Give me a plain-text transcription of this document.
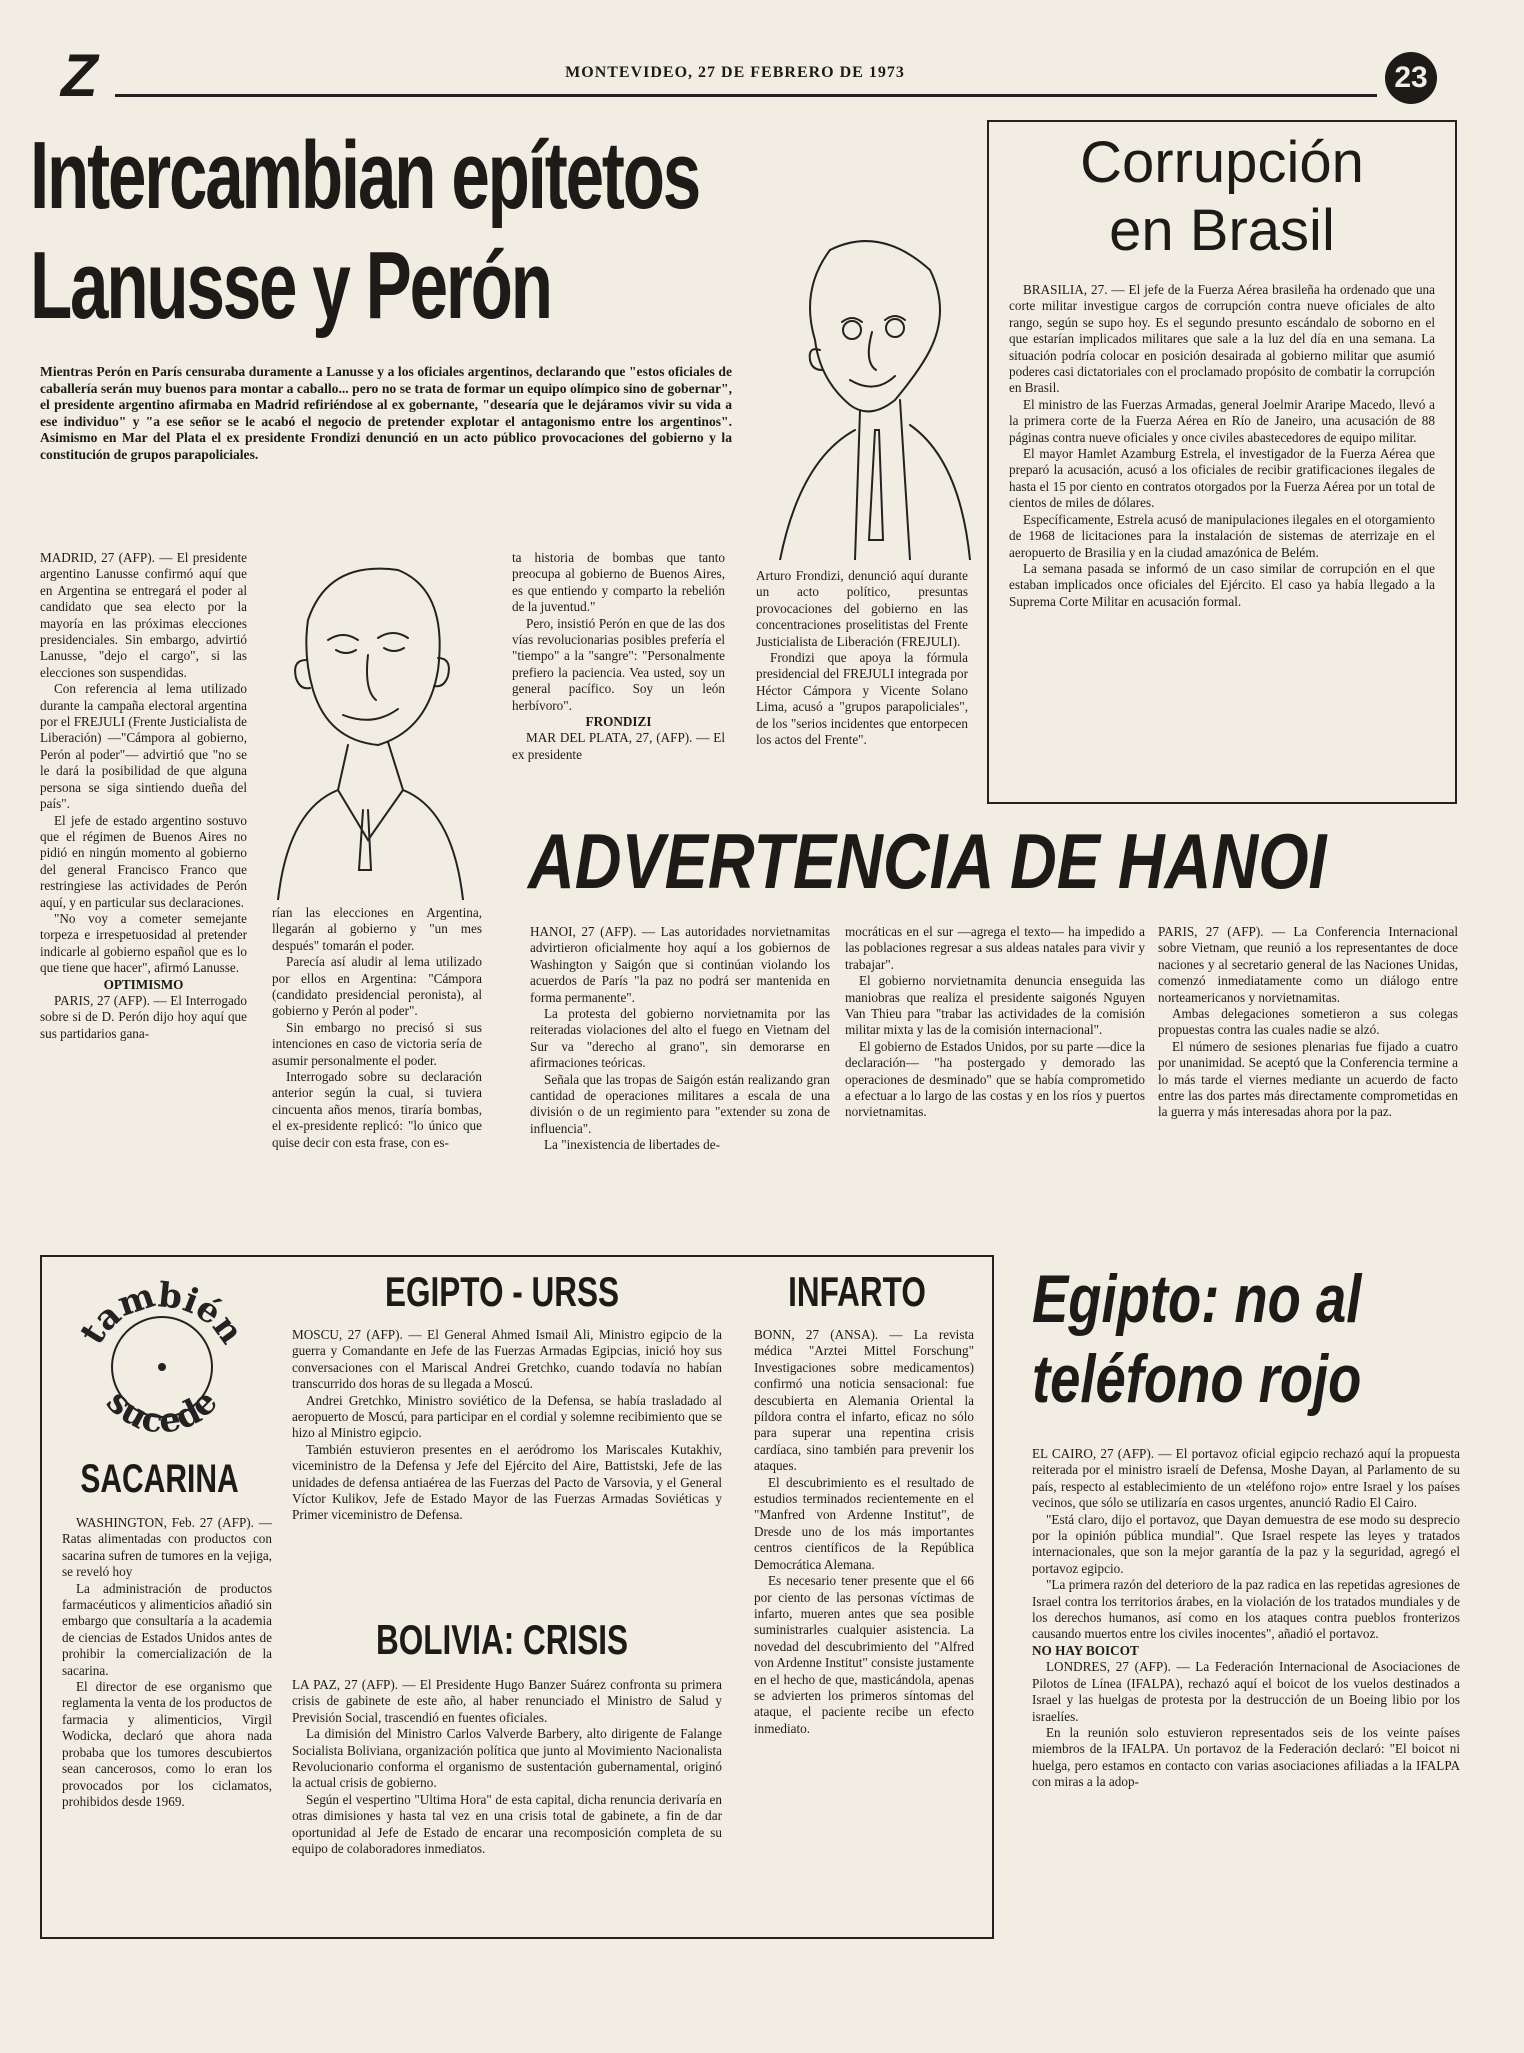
Z	MONTEVIDEO, 27 DE FEBRERO DE 1973	23
Intercambian epítetos
Lanusse y Perón
Mientras Perón en París censuraba duramente a Lanusse y a los oficiales argentinos, declarando que "estos oficiales de caballería serán muy buenos para montar a caballo... pero no se trata de formar un equipo olímpico sino de gobernar", el presidente argentino afirmaba en Madrid refiriéndose al ex gobernante, "desearía que le dejáramos vivir su vida a ese individuo" y "a ese señor se le acabó el negocio de pretender explotar el antagonismo entre los argentinos". Asimismo en Mar del Plata el ex presidente Frondizi denunció en un acto público provocaciones del gobierno y la constitución de grupos parapoliciales.

MADRID, 27 (AFP). — El presidente argentino Lanusse confirmó aquí que en Argentina se entregará el poder al candidato que sea electo por la mayoría en las próximas elecciones presidenciales. Sin embargo, advirtió Lanusse, "dejo el cargo", si las elecciones son suspendidas.

Con referencia al lema utilizado durante la campaña electoral argentina por el FREJULI (Frente Justicialista de Liberación) —"Cámpora al gobierno, Perón al poder"— advirtió que "no se le dará la posibilidad de que alguna persona se siga sintiendo dueña del país".

El jefe de estado argentino sostuvo que el régimen de Buenos Aires no pidió en ningún momento al gobierno del general Francisco Franco que restringiese las actividades de Perón aquí, y en particular sus declaraciones.

"No voy a cometer semejante torpeza e irrespetuosidad al pretender indicarle al gobierno español que es lo que tiene que hacer", afirmó Lanusse.

OPTIMISMO

PARIS, 27 (AFP). — El Interrogado sobre si de D. Perón dijo hoy aquí que sus partidarios gana-

rían las elecciones en Argentina, llegarán al gobierno y "un mes después" tomarán el poder.

Parecía así aludir al lema utilizado por ellos en Argentina: "Cámpora (candidato presidencial peronista), al gobierno y Perón al poder".

Sin embargo no precisó si sus intenciones en caso de victoria sería de asumir personalmente el poder.

Interrogado sobre su declaración anterior según la cual, si tuviera cincuenta años menos, tiraría bombas, el ex-presidente replicó: "lo único que quise decir con esta frase, con es-

ta historia de bombas que tanto preocupa al gobierno de Buenos Aires, es que entiendo y comparto la rebelión de la juventud."

Pero, insistió Perón en que de las dos vías revolucionarias posibles prefería el "tiempo" a la "sangre": "Personalmente prefiero la paciencia. Vea usted, soy un general pacífico. Soy un león herbívoro".

FRONDIZI

MAR DEL PLATA, 27, (AFP). — El ex presidente

Arturo Frondizi, denunció aquí durante un acto político, presuntas provocaciones del gobierno en las concentraciones proselitistas del Frente Justicialista de Liberación (FREJULI).

Frondizi que apoya la fórmula presidencial del FREJULI integrada por Héctor Cámpora y Vicente Solano Lima, acusó a "grupos parapoliciales", de los "serios incidentes que entorpecen los actos del Frente".

Corrupción
en Brasil

BRASILIA, 27. — El jefe de la Fuerza Aérea brasileña ha ordenado que una corte militar investigue cargos de corrupción contra nueve oficiales de alto rango, según se supo hoy. Es el segundo presunto escándalo de soborno en el que estarían implicados militares que sale a la luz del día en una semana. La situación podría colocar en posición desairada al gobierno militar que asumió poderes casi dictatoriales con el proclamado propósito de combatir la corrupción en Brasil.

El ministro de las Fuerzas Armadas, general Joelmir Araripe Macedo, llevó a la primera corte de la Fuerza Aérea en Río de Janeiro, una acusación de 88 páginas contra nueve oficiales y once civiles abastecedores de equipo militar.

El mayor Hamlet Azamburg Estrela, el investigador de la Fuerza Aérea que preparó la acusación, acusó a los oficiales de recibir gratificaciones ilegales de hasta el 15 por ciento en contratos otorgados por la Fuerza Aérea por un total de cientos de miles de dólares.

Específicamente, Estrela acusó de manipulaciones ilegales en el otorgamiento de 1968 de licitaciones para la instalación de sistemas de aterrizaje en el aeropuerto de Brasilia y en la ciudad amazónica de Belém.

La semana pasada se informó de un caso similar de corrupción en el que estaban implicados once oficiales del Ejército. El caso ya había llegado a la Suprema Corte Militar en acusación formal.

ADVERTENCIA DE HANOI

HANOI, 27 (AFP). — Las autoridades norvietnamitas advirtieron oficialmente hoy aquí a los gobiernos de Washington y Saigón que si continúan violando los acuerdos de París "la paz no podrá ser mantenida en forma permanente".

La protesta del gobierno norvietnamita por las reiteradas violaciones del alto el fuego en Vietnam del Sur va "derecho al grano", sin demorarse en afirmaciones teóricas.

Señala que las tropas de Saigón están realizando gran cantidad de operaciones militares a escala de una división o de un regimiento para "extender su zona de influencia".

La "inexistencia de libertades de-

mocráticas en el sur —agrega el texto— ha impedido a las poblaciones regresar a sus aldeas natales para vivir y trabajar".

El gobierno norvietnamita denuncia enseguida las maniobras que realiza el presidente saigonés Nguyen Van Thieu para "trabar las actividades de la comisión militar mixta y las de la comisión internacional".

El gobierno de Estados Unidos, por su parte —dice la declaración— "ha postergado y demorado las operaciones de desminado" que se había comprometido a efectuar a lo largo de las costas y en los ríos y puertos norvietnamitas.

PARIS, 27 (AFP). — La Conferencia Internacional sobre Vietnam, que reunió a los representantes de doce naciones y al secretario general de las Naciones Unidas, comenzó inmediatamente como un diálogo entre norteamericanos y norvietnamitas.

Ambas delegaciones sometieron a sus colegas propuestas contra las cuales nadie se alzó.

El número de sesiones plenarias fue fijado a cuatro por unanimidad. Se aceptó que la Conferencia termine a lo más tarde el viernes mediante un acuerdo de facto entre las dos partes más directamente comprometidas en la guerra y más interesadas ahora por la paz.

también
sucede
SACARINA

WASHINGTON, Feb. 27 (AFP). — Ratas alimentadas con productos con sacarina sufren de tumores en la vejiga, se reveló hoy

La administración de productos farmacéuticos y alimenticios añadió sin embargo que consultaría a la academia de ciencias de Estados Unidos antes de prohibir la comercialización de la sacarina.

El director de ese organismo que reglamenta la venta de los productos de farmacia y alimenticios, Virgil Wodicka, declaró que ahora nada probaba que los tumores descubiertos sean cancerosos, como lo eran los provocados por los ciclamatos, prohibidos desde 1969.

EGIPTO - URSS

MOSCU, 27 (AFP). — El General Ahmed Ismail Ali, Ministro egipcio de la guerra y Comandante en Jefe de las Fuerzas Armadas Egipcias, inició hoy sus conversaciones con el Mariscal Andrei Gretchko, cuando todavía no habían transcurrido dos horas de su llegada a Moscú.

Andrei Gretchko, Ministro soviético de la Defensa, se había trasladado al aeropuerto de Moscú, para participar en el cordial y solemne recibimiento que se hizo al Ministro egipcio.

También estuvieron presentes en el aeródromo los Mariscales Kutakhiv, viceministro de la Defensa y Jefe del Ejército del Aire, Battistski, Jefe de las unidades de defensa antiaérea de las Fuerzas del Pacto de Varsovia, y el General Víctor Kulikov, Jefe de Estado Mayor de las Fuerzas Armadas Soviéticas y Primer viceministro de Defensa.

BOLIVIA: CRISIS

LA PAZ, 27 (AFP). — El Presidente Hugo Banzer Suárez confronta su primera crisis de gabinete de este año, al haber renunciado el Ministro de Salud y Previsión Social, trascendió en fuentes oficiales.

La dimisión del Ministro Carlos Valverde Barbery, alto dirigente de Falange Socialista Boliviana, organización política que junto al Movimiento Nacionalista Revolucionario conforma el organismo de sustentación gubernamental, originó la actual crisis de gobierno.

Según el vespertino "Ultima Hora" de esta capital, dicha renuncia derivaría en otras dimisiones y hasta tal vez en una crisis total de gabinete, a fin de dar oportunidad al Jefe de Estado de encarar una recomposición completa de su equipo de colaboradores inmediatos.

INFARTO

BONN, 27 (ANSA). — La revista médica "Arztei Mittel Forschung" Investigaciones sobre medicamentos) confirmó una noticia sensacional: fue descubierta en Alemania Oriental la píldora contra el infarto, eficaz no sólo para superar una repentina crisis cardíaca, sino también para prevenir los ataques.

El descubrimiento es el resultado de estudios terminados recientemente en el "Manfred von Ardenne Institut", de Dresde uno de los más importantes centros científicos de la República Democrática Alemana.

Es necesario tener presente que el 66 por ciento de las personas víctimas de infarto, mueren antes que sea posible suministrarles cualquier asistencia. La novedad del descubrimiento del "Alfred von Ardenne Institut" consiste justamente en el hecho de que, masticándola, apenas se advierten los primeros síntomas del ataque, el paciente recibe un efecto inmediato.

Egipto: no al
teléfono rojo

EL CAIRO, 27 (AFP). — El portavoz oficial egipcio rechazó aquí la propuesta reiterada por el ministro israelí de Defensa, Moshe Dayan, al Parlamento de su país, respecto al establecimiento de un «teléfono rojo» entre Israel y los países vecinos, que sólo se utilizaría en casos urgentes, anunció Radio El Cairo.

"Está claro, dijo el portavoz, que Dayan demuestra de ese modo su desprecio por la opinión pública mundial". Que Israel respete las leyes y tratados internacionales, que son la mejor garantía de la paz y la seguridad, agregó el portavoz egipcio.

"La primera razón del deterioro de la paz radica en las repetidas agresiones de Israel contra los territorios árabes, en la violación de los tratados mundiales y de los derechos humanos, así como en los ataques contra pueblos fronterizos causando muertos entre los civiles inocentes", añadió el portavoz.

NO HAY BOICOT

LONDRES, 27 (AFP). — La Federación Internacional de Asociaciones de Pilotos de Línea (IFALPA), rechazó aquí el boicot de los vuelos destinados a Israel y las huelgas de protesta por la destrucción de un Boeing libio por los israelíes.

En la reunión solo estuvieron representados seis de los veinte países miembros de la IFALPA. Un portavoz de la Federación declaró: "El boicot ni huelga, pero estamos en contacto con varias asociaciones afiliadas a la IFALPA con miras a la adop-
